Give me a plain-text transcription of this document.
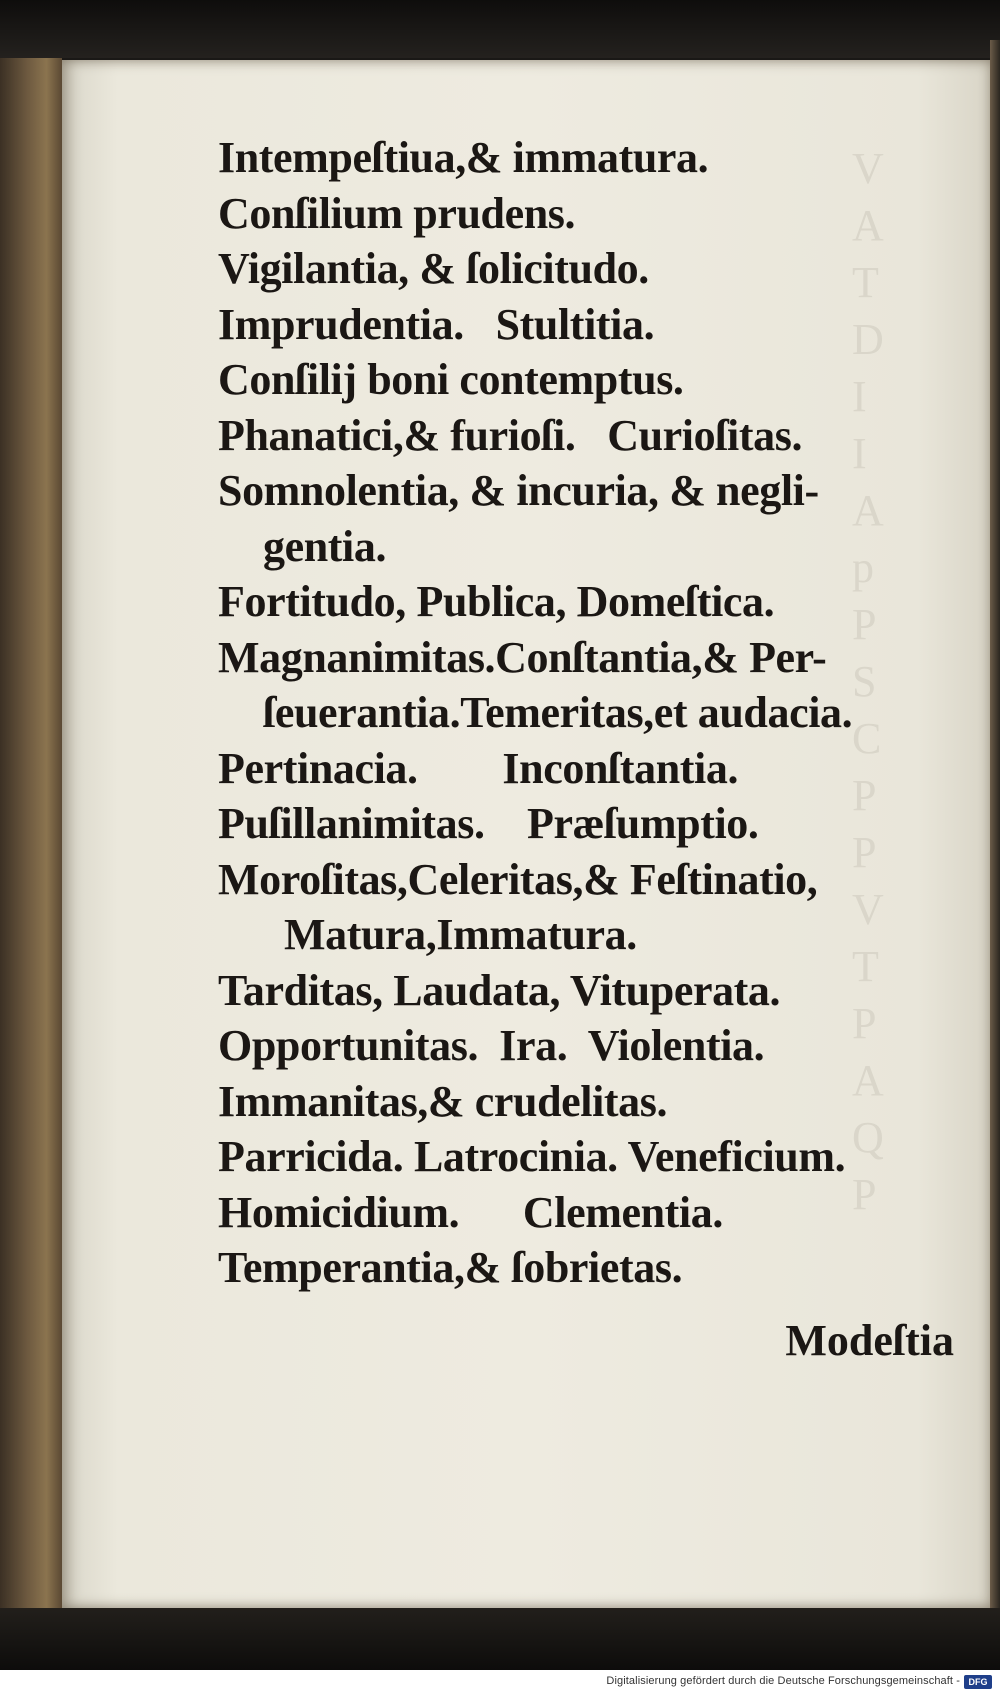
V
A
T
D
I
I
A
p
P
S
C
P
P
V
T
P
A
Q
P
Intempeſtiua,& immatura.
Conſilium prudens.
Vigilantia, & ſolicitudo.
Imprudentia.   Stultitia.
Conſilij boni contemptus.
Phanatici,& furioſi.   Curioſitas.
Somnolentia, & incuria, & negli-
gentia.
Fortitudo, Publica, Domeſtica.
Magnanimitas.Conſtantia,& Per-
ſeuerantia.Temeritas,et audacia.
Pertinacia.        Inconſtantia.
Puſillanimitas.    Præſumptio.
Moroſitas,Celeritas,& Feſtinatio,
Matura,Immatura.
Tarditas, Laudata, Vituperata.
Opportunitas.  Ira.  Violentia.
Immanitas,& crudelitas.
Parricida. Latrocinia. Veneficium.
Homicidium.      Clementia.
Temperantia,& ſobrietas.
Modeſtia
Digitalisierung gefördert durch die Deutsche Forschungsgemeinschaft - DFG
